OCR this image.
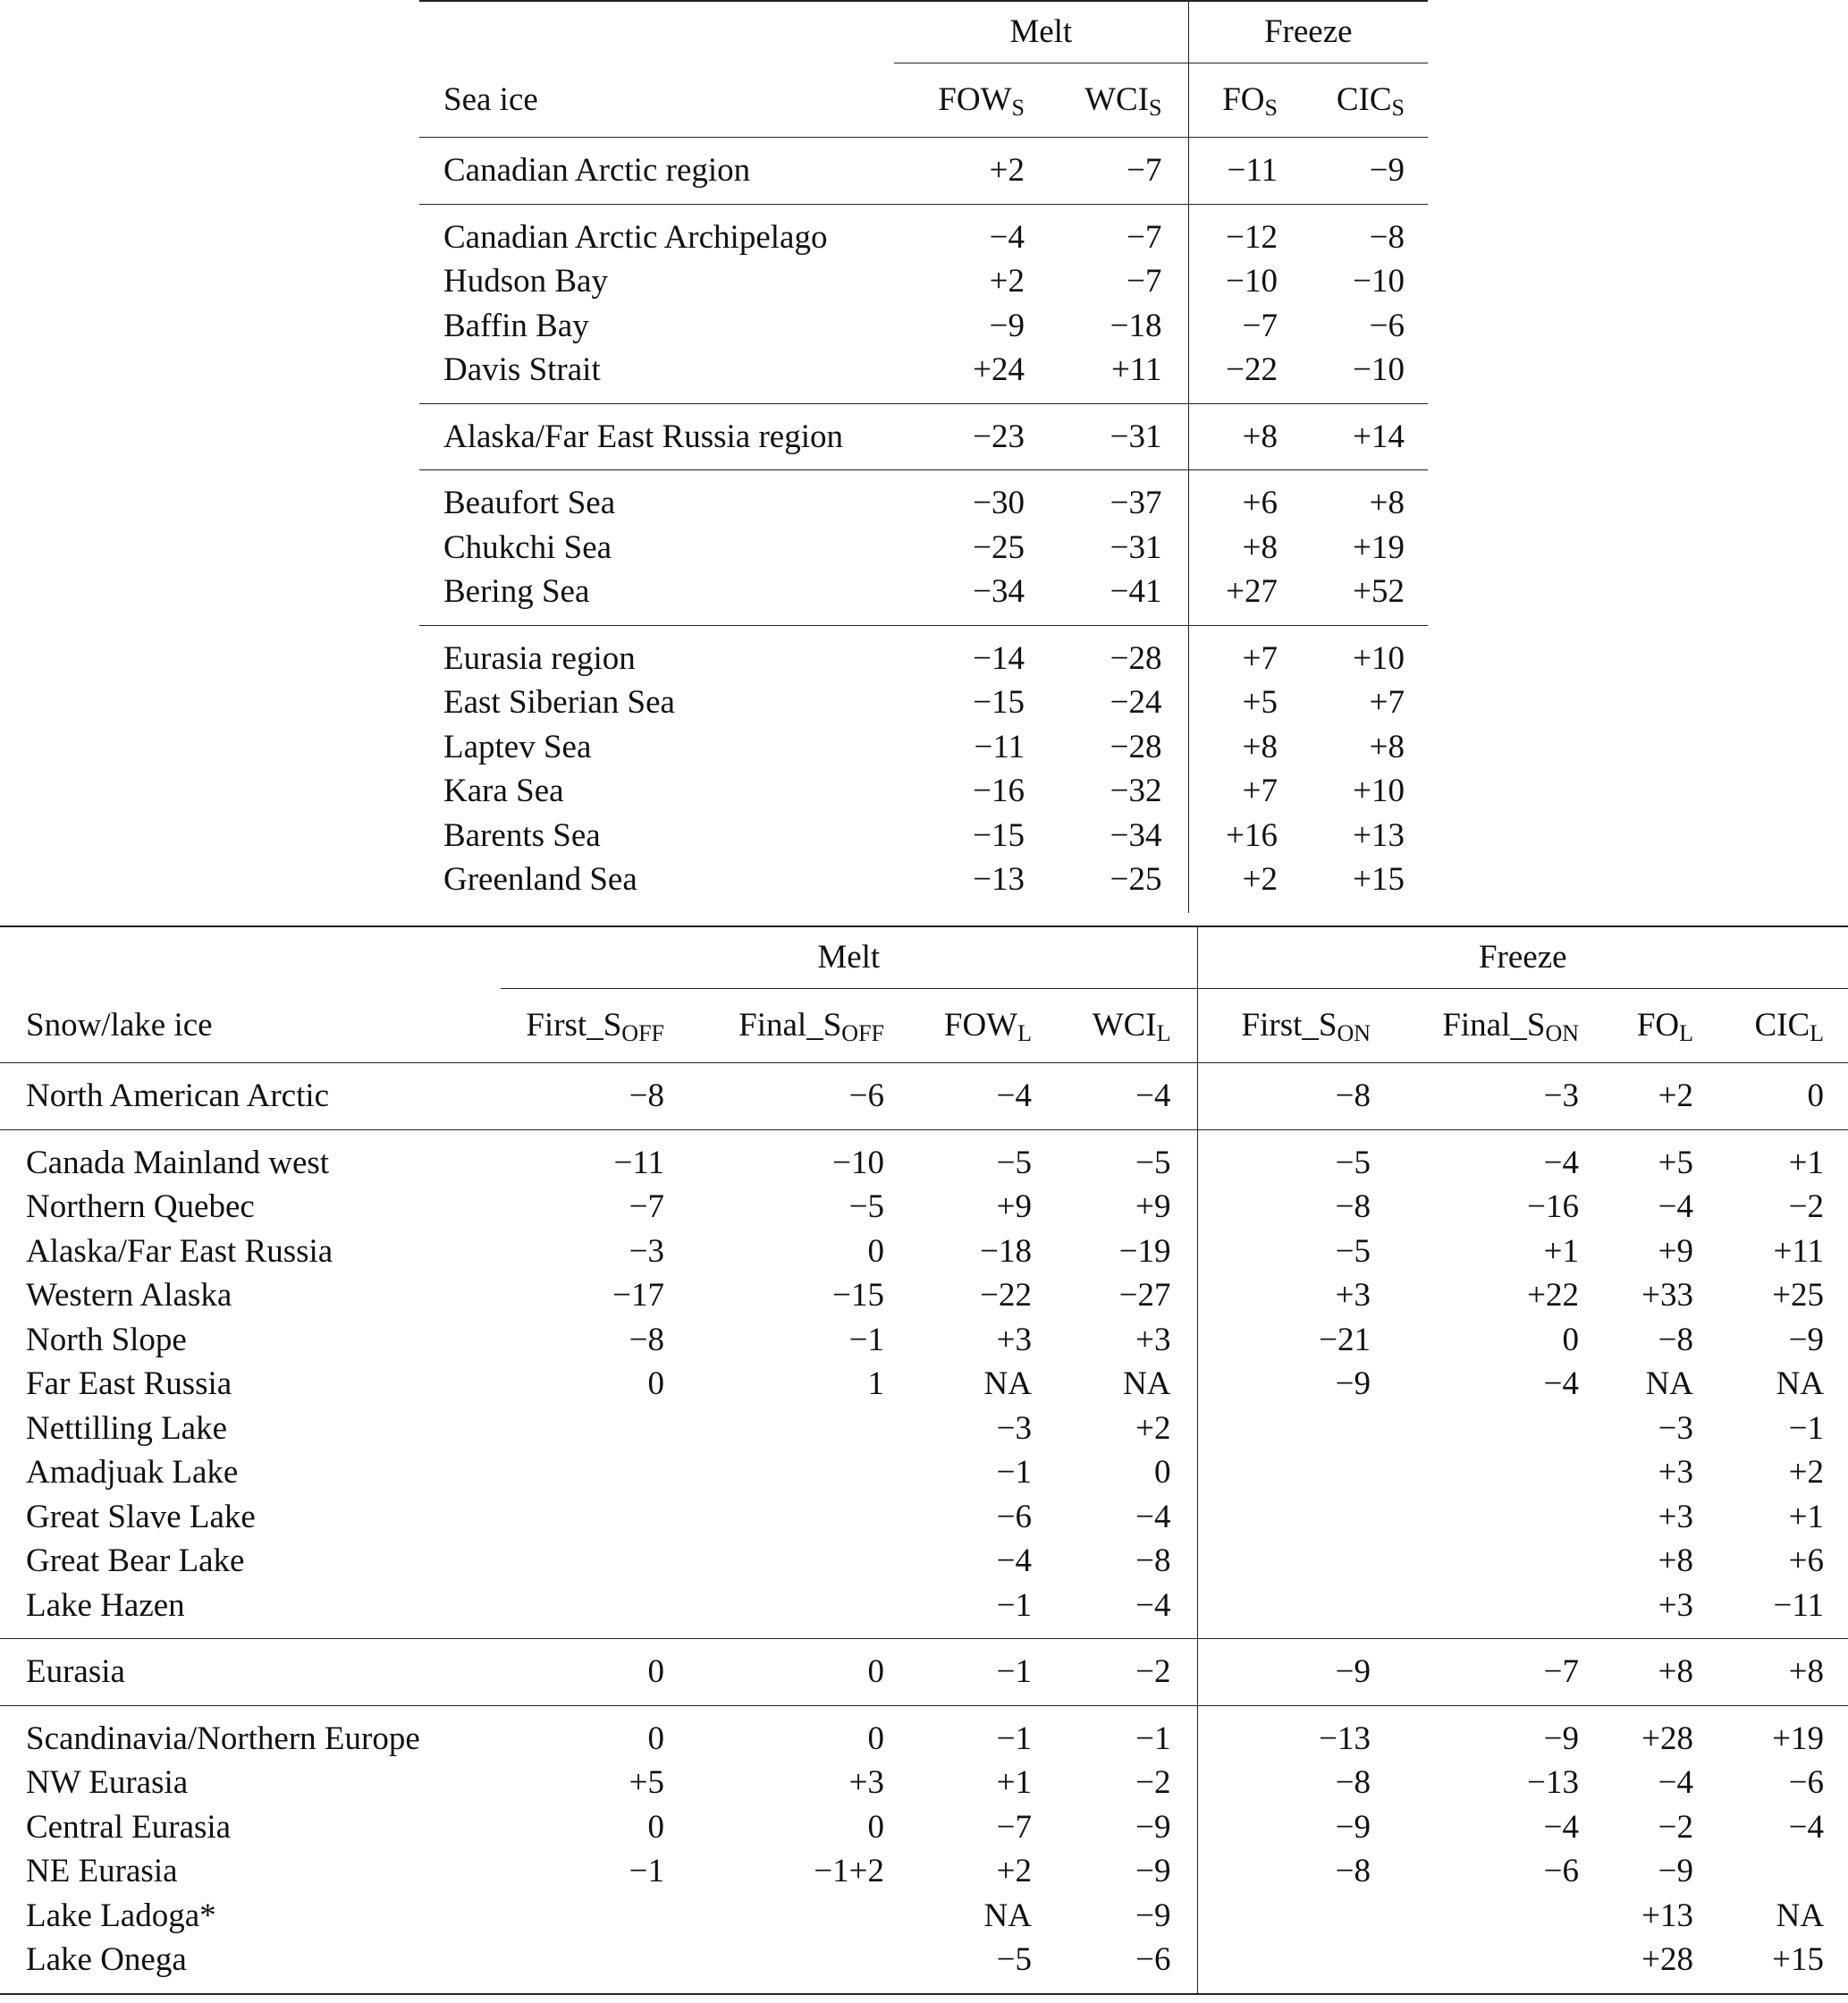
	Melt		Freeze	
Sea ice	$FOW_S$	$WCI_S$	$FO_S$	$CIC_S$
Canadian Arctic region	+2	−7	−11	−9
Canadian Arctic Archipelago	−4	−7	−12	−8
Hudson Bay	+2	−7	−10	−10
Baffin Bay	−9	−18	−7	−6
Davis Strait	+24	+11	−22	−10
Alaska/Far East Russia region	−23	−31	+8	+14
Beaufort Sea	−30	−37	+6	+8
Chukchi Sea	−25	−31	+8	+19
Bering Sea	−34	−41	+27	+52
Eurasia region	−14	−28	+7	+10
East Siberian Sea	−15	−24	+5	+7
Laptev Sea	−11	−28	+8	+8
Kara Sea	−16	−32	+7	+10
Barents Sea	−15	−34	+16	+13
Greenland Sea	−13	−25	+2	+15
	Melt				Freeze			
Snow/lake ice	$First\_S_{OFF}$	$Final\_S_{OFF}$	$FOW_L$	$WCI_L$	$First\_S_{ON}$	$Final\_S_{ON}$	$FO_L$	$CIC_L$
North American Arctic	−8	−6	−4	−4	−8	−3	+2	0
Canada Mainland west	−11	−10	−5	−5	−5	−4	+5	+1
Northern Quebec	−7	−5	+9	+9	−8	−16	−4	−2
Alaska/Far East Russia	−3	0	−18	−19	−5	+1	+9	+11
Western Alaska	−17	−15	−22	−27	+3	+22	+33	+25
North Slope	−8	−1	+3	+3	−21	0	−8	−9
Far East Russia	0	1	NA	NA	−9	−4	NA	NA
Nettilling Lake			−3	+2			−3	−1
Amadjuak Lake			−1	0			+3	+2
Great Slave Lake			−6	−4			+3	+1
Great Bear Lake			−4	−8			+8	+6
Lake Hazen			−1	−4			+3	−11
Eurasia	0	0	−1	−2	−9	−7	+8	+8
Scandinavia/Northern Europe	0	0	−1	−1	−13	−9	+28	+19
NW Eurasia	+5	+3	+1	−2	−8	−13	−4	−6
Central Eurasia	0	0	−7	−9	−9	−4	−2	−4
NE Eurasia	−1	−1+2	+2	−9	−8	−6	−9	
Lake Ladoga*			NA	−9			+13	NA
Lake Onega			−5	−6			+28	+15
